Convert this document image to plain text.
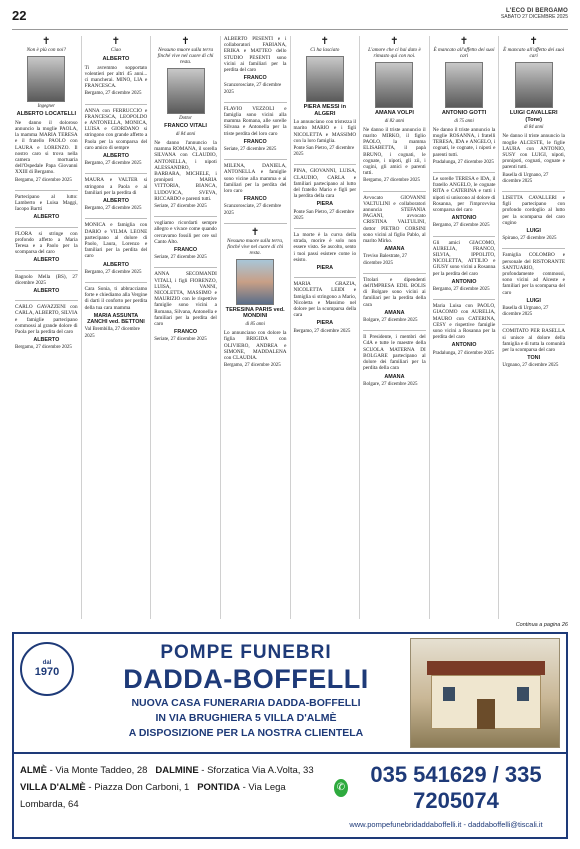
22	L'ECO DI BERGAMO
SABATO 27 DICEMBRE 2025
✝
Non è più con noi?
Ingegner
ALBERTO LOCATELLI
Ne danno il doloroso annuncio la moglie PAOLA, la mamma MARIA TERESA e il fratello PAOLO con LAURA e LORENZO. Il nostro caro si trova nella camera mortuaria dell'Ospedale Papa Giovanni XXIII di Bergamo.
Bergamo, 27 dicembre 2025
Partecipano al lutto: Lamberto e Luisa Maggi, Iacopo Bartti
ALBERTO
FLORA si stringe con profondo affetto a Maria Teresa e a Paolo per la scomparsa del caro
ALBERTO
Bagnolo Mella (BS), 27 dicembre 2025
ALBERTO
CARLO GAVAZZENI con CARLA, ALBERTO, SILVIA e famiglie partecipano commossi al grande dolore di Paola per la perdita del caro
ALBERTO
Bergamo, 27 dicembre 2025
✝
Ciao
ALBERTO
Ti avremmo sopportato volentieri per altri 45 anni... ci mancherai. MINO, LIA e FRANCESCA.
Bergamo, 27 dicembre 2025
ANNA con FERRUCCIO e FRANCESCA, LEOPOLDO e ANTONELLA, MONICA, LUISA e GIORDANO si stringono con grande affetto a Paola per la scomparsa del caro amico di sempre
ALBERTO
Bergamo, 27 dicembre 2025
MAURA e VALTER si stringono a Paola e ai familiari per la perdita di
ALBERTO
Bergamo, 27 dicembre 2025
MONICA e famiglia con DARIO e VILMA LEONE partecipano al dolore di Paolo, Laura, Lorenzo e familiari per la perdita del caro
ALBERTO
Bergamo, 27 dicembre 2025
Cara Sonia, ti abbracciamo forte e chiediamo alla Vergine di darti il conforto per perdita della tua cara mamma
MARIA ASSUNTA ZANCHI ved. BETTONI
Val Brembilla, 27 dicembre 2025
✝
Nessuno muore sulla terra finché vive nel cuore di chi resta.
Dottor
FRANCO VITALI
di 84 anni
Ne danno l'annuncio la mamma ROMANA, il sorella SILVANA con CLAUDIO, ANTONELLA, i nipoti ALESSANDRO, BARBARA, MICHELE, i pronipoti MARIA VITTORIA, BIANCA, LUDOVICA, SVEVA, RICCARDO e parenti tutti.
Seriate, 27 dicembre 2025
vogliamo ricordarti sempre allegro e vivace come quando cercavamo fossili per ore sul Canto Alto.
FRANCO
Seriate, 27 dicembre 2025
ANNA SECOMANDI VITALI, i figli FIORENZO, LUISA, VANNI, NICOLETTA, MASSIMO e MAURIZIO con le rispettive famiglie sono vicini a Romana, Silvana, Antonella e familiari per la perdita del caro
FRANCO
Seriate, 27 dicembre 2025
ALBERTO PESENTI e i collaboratori FABIANA, ERIKA e MATTEO dello STUDIO PESENTI sono vicini ai familiari per la perdita del caro
FRANCO
Scanzorosciate, 27 dicembre 2025
FLAVIO VEZZOLI e famiglia sono vicini alla mamma Romana, alle sorelle Silvana e Antonella per la triste perdita del loro caro
FRANCO
Seriate, 27 dicembre 2025
MILENA, DANIELA, ANTONELLA e famiglie sono vicine alla mamma e ai familiari per la perdita del loro caro
FRANCO
Scanzorosciate, 27 dicembre 2025
✝
Nessuno muore sulla terra, finché vive nel cuore di chi resta.
TERESINA PARIS ved. MONDINI
di 85 anni
Lo annunciano con dolore la figlia BRIGIDA con OLIVIERO, ANDREA e SIMONE, MADDALENA con CLAUDIA.
Bergamo, 27 dicembre 2025
✝
Ci ha lasciato
PIERA MESSI in ALGERI
Lo annunciano con tristezza il marito MARIO e i figli NICOLETTA e MASSIMO con la loro famiglia.
Ponte San Pietro, 27 dicembre 2025
PINA, GIOVANNI, LUISA, CLAUDIO, CARLA e familiari partecipano al lutto del fratello Mario e figli per la perdita della cara
PIERA
Ponte San Pietro, 27 dicembre 2025
La morte è la curva della strada, morire è solo non essere visto. Se ascolto, sento i tuoi passi esistere come io esisto.
PIERA
MARIA GRAZIA, NICOLETTA LEIDI e famiglia si stringono a Mario, Nicoletta e Massimo nel dolore per la scomparsa della cara
PIERA
Bergamo, 27 dicembre 2025
✝
L'amore che ci hai dato è rimasto qui con noi.
AMANA VOLPI
di 82 anni
Ne danno il triste annuncio il marito MIRKO, il figlio PAOLO, la mamma ELISABETTA, il papà BRUNO, i cognati, le cognate, i nipoti, gli zii, i cugini, gli amici e parenti tutti.
Bergamo, 27 dicembre 2025
Avvocato GIOVANNI VALTULINI e collaboratori annuncia STEFANIA PAGANI, avvocato CRISTINA VALTULINI, dottor PIETRO CORSINI sono vicini al figlio Pablo, al marito Mirko.
AMANA
Treviso Balestrate, 27 dicembre 2025
Titolari e dipendenti dell'IMPRESA EDIL BOLIS di Bolgare sono vicini ai familiari per la perdita della cara
AMANA
Bolgare, 27 dicembre 2025
Il Presidente, i membri del CdA e tutte le maestre della SCUOLA MATERNA DI BOLGARE partecipano al dolore dei familiari per la perdita della cara
AMANA
Bolgare, 27 dicembre 2025
✝
È mancato all'affetto dei suoi cari
ANTONIO GOTTI
di 75 anni
Ne danno il triste annuncio la moglie ROSANNA, i fratelli TERESA, IDA e ANGELO, i cognati, le cognate, i nipoti e parenti tutti.
Pradalunga, 27 dicembre 2025
Le sorelle TERESA e IDA, il fratello ANGELO, le cognate RITA e CATERINA e tutti i nipoti si uniscono al dolore di Rosanna, per l'improvvisa scomparsa del caro
ANTONIO
Bergamo, 27 dicembre 2025
Gli amici GIACOMO, AURELIA, FRANCO, SILVIA, IPPOLITO, NICOLETTA, ATTILIO e GIUSY sono vicini a Rosanna per la perdita del caro
ANTONIO
Bergamo, 27 dicembre 2025
Maria Luisa con PAOLO, GIACOMO con AURELIA, MAURO con CATERINA, CESY e rispettive famiglie sono vicini a Rosanna per la perdita del caro
ANTONIO
Pradalunga, 27 dicembre 2025
✝
È mancato all'affetto dei suoi cari
LUIGI CAVALLERI (Tone)
di 84 anni
Ne danno il triste annuncio la moglie ALCESTE, le figlie LAURA con ANTONIO, SUSY con LUIGI, nipoti, pronipoti, cognati, cognate e parenti tutti.
Basella di Urgnano, 27 dicembre 2025
LISETTA CAVALLERI e figli partecipano con profondo cordoglio al lutto per la scomparsa del caro cugino
LUIGI
Spirano, 27 dicembre 2025
Famiglia COLOMBO e personale del RISTORANTE SANTUARIO, profondamente commossi, sono vicini ad Alceste e familiari per la scomparsa del caro
LUIGI
Basella di Urgnano, 27 dicembre 2025
COMITATO PER BASELLA si unisce al dolore della famiglia e di tutta la comunità per la scomparsa del caro
TONI
Urgnano, 27 dicembre 2025
Continua a pagina 26
dal
1970
POMPE FUNEBRI
DADDA-BOFFELLI
NUOVA CASA FUNERARIA DADDA-BOFFELLI
IN VIA BRUGHIERA 5 VILLA D'ALMÈ
A DISPOSIZIONE PER LA NOSTRA CLIENTELA
ALMÈ - Via Monte Taddeo, 28 DALMINE - Sforzatica Via A.Volta, 33
VILLA D'ALMÈ - Piazza Don Carboni, 1 PONTIDA - Via Lega Lombarda, 64
✆
035 541629 / 335 7205074
www.pompefunebridaddaboffelli.it - daddaboffelli@tiscali.it
